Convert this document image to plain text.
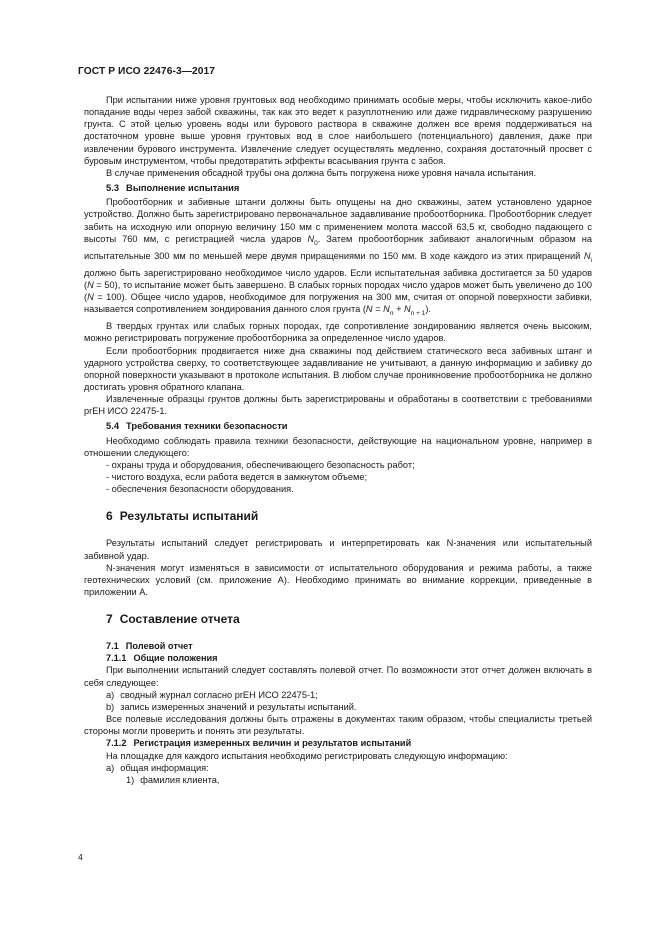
ГОСТ Р ИСО 22476-3—2017

При испытании ниже уровня грунтовых вод необходимо принимать особые меры, чтобы исключить какое-либо попадание воды через забой скважины, так как это ведет к разуплотнению или даже гидравлическому разрушению грунта. С этой целью уровень воды или бурового раствора в скважине должен все время поддерживаться на достаточном уровне выше уровня грунтовых вод в слое наибольшего (потенциального) давления, даже при извлечении бурового инструмента. Извлечение следует осуществлять медленно, сохраняя достаточный просвет c буровым инструментом, чтобы предотвратить эффекты всасывания грунта с забоя.

В случае применения обсадной трубы она должна быть погружена ниже уровня начала испытания.

5.3 Выполнение испытания

Пробоотборник и забивные штанги должны быть опущены на дно скважины, затем установлено ударное устройство. Должно быть зарегистрировано первоначальное задавливание пробоотборника. Пробоотборник следует забить на исходную или опорную величину 150 мм с применением молота массой 63,5 кг, свободно падающего с высоты 760 мм, с регистрацией числа ударов $N_0$. Затем пробоотборник забивают аналогичным образом на испытательные 300 мм по меньшей мере двумя приращениями по 150 мм. В ходе каждого из этих приращений $N_i$ должно быть зарегистрировано необходимое число ударов. Если испытательная забивка достигается за 50 ударов (N = 50), то испытание может быть завершено. В слабых горных породах число ударов может быть увеличено до 100 (N = 100). Общее число ударов, необходимое для погружения на 300 мм, считая от опорной поверхности забивки, называется сопротивлением зондирования данного слоя грунта $(N = N_n + N_{n + 1})$.

В твердых грунтах или слабых горных породах, где сопротивление зондированию является очень высоким, можно регистрировать погружение пробоотборника за определенное число ударов.

Если пробоотборник продвигается ниже дна скважины под действием статического веса забивных штанг и ударного устройства сверху, то соответствующее задавливание не учитывают, а данную информацию и забивку до опорной поверхности указывают в протоколе испытания. В любом случае проникновение пробоотборника не должно достигать уровня обратного клапана.

Извлеченные образцы грунтов должны быть зарегистрированы и обработаны в соответствии с требованиями prEH ИСО 22475-1.

5.4 Требования техники безопасности

Необходимо соблюдать правила техники безопасности, действующие на национальном уровне, например в отношении следующего:

- охраны труда и оборудования, обеспечивающего безопасность работ;
- чистого воздуха, если работа ведется в замкнутом объеме;
- обеспечения безопасности оборудования.
6 Результаты испытаний

Результаты испытаний следует регистрировать и интерпретировать как N-значения или испытательный забивной удар.

N-значения могут изменяться в зависимости от испытательного оборудования и режима работы, а также геотехнических условий (см. приложение А). Необходимо принимать во внимание коррекции, приведенные в приложении А.

7 Составление отчета
7.1 Полевой отчет
7.1.1 Общие положения

При выполнении испытаний следует составлять полевой отчет. По возможности этот отчет должен включать в себя следующее:

a) сводный журнал согласно prEH ИСО 22475-1;
b) запись измеренных значений и результаты испытаний.

Все полевые исследования должны быть отражены в документах таким образом, чтобы специалисты третьей стороны могли проверить и понять эти результаты.

7.1.2 Регистрация измеренных величин и результатов испытаний

На площадке для каждого испытания необходимо регистрировать следующую информацию:

a) общая информация:
1) фамилия клиента,
4
